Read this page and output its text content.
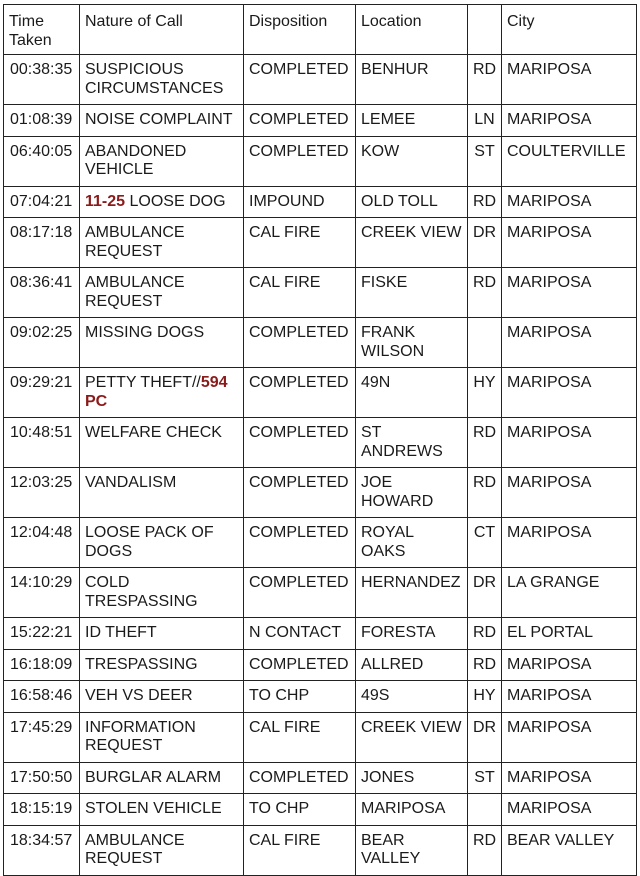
Time Taken	Nature of Call	Disposition	Location		City
00:38:35	SUSPICIOUS CIRCUMSTANCES	COMPLETED	BENHUR	RD	MARIPOSA
01:08:39	NOISE COMPLAINT	COMPLETED	LEMEE	LN	MARIPOSA
06:40:05	ABANDONED VEHICLE	COMPLETED	KOW	ST	COULTERVILLE
07:04:21	11-25 LOOSE DOG	IMPOUND	OLD TOLL	RD	MARIPOSA
08:17:18	AMBULANCE REQUEST	CAL FIRE	CREEK VIEW	DR	MARIPOSA
08:36:41	AMBULANCE REQUEST	CAL FIRE	FISKE	RD	MARIPOSA
09:02:25	MISSING DOGS	COMPLETED	FRANK WILSON		MARIPOSA
09:29:21	PETTY THEFT//594 PC	COMPLETED	49N	HY	MARIPOSA
10:48:51	WELFARE CHECK	COMPLETED	ST ANDREWS	RD	MARIPOSA
12:03:25	VANDALISM	COMPLETED	JOE HOWARD	RD	MARIPOSA
12:04:48	LOOSE PACK OF DOGS	COMPLETED	ROYAL OAKS	CT	MARIPOSA
14:10:29	COLD TRESPASSING	COMPLETED	HERNANDEZ	DR	LA GRANGE
15:22:21	ID THEFT	N CONTACT	FORESTA	RD	EL PORTAL
16:18:09	TRESPASSING	COMPLETED	ALLRED	RD	MARIPOSA
16:58:46	VEH VS DEER	TO CHP	49S	HY	MARIPOSA
17:45:29	INFORMATION REQUEST	CAL FIRE	CREEK VIEW	DR	MARIPOSA
17:50:50	BURGLAR ALARM	COMPLETED	JONES	ST	MARIPOSA
18:15:19	STOLEN VEHICLE	TO CHP	MARIPOSA		MARIPOSA
18:34:57	AMBULANCE REQUEST	CAL FIRE	BEAR VALLEY	RD	BEAR VALLEY
